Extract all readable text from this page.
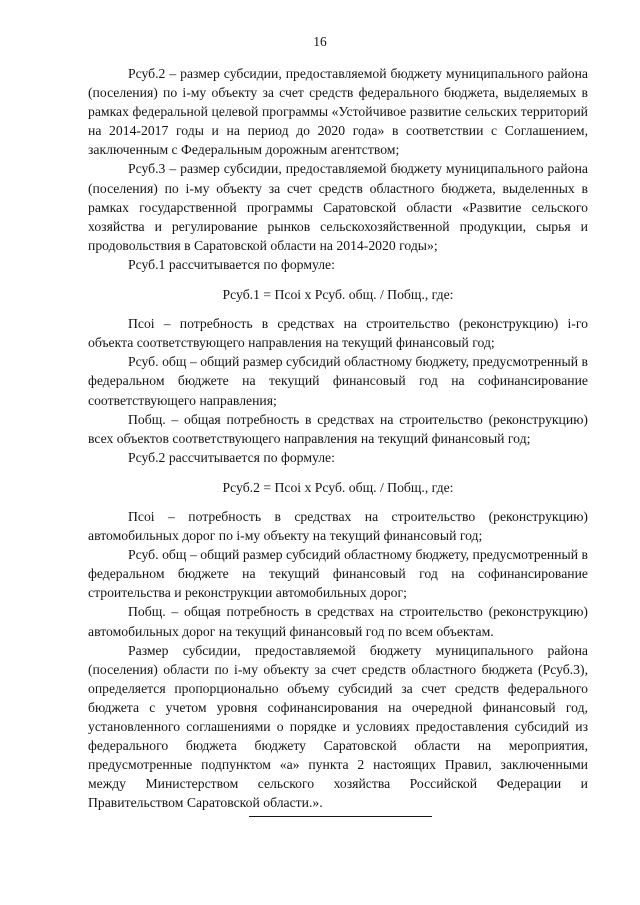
16

Pсуб.2 – размер субсидии, предоставляемой бюджету муниципального района (поселения) по i-му объекту за счет средств федерального бюджета, выделяемых в рамках федеральной целевой программы «Устойчивое развитие сельских территорий на 2014-2017 годы и на период до 2020 года» в соответствии с Соглашением, заключенным с Федеральным дорожным агентством;

Pсуб.3 – размер субсидии, предоставляемой бюджету муниципального района (поселения) по i-му объекту за счет средств областного бюджета, выделенных в рамках государственной программы Саратовской области «Развитие сельского хозяйства и регулирование рынков сельскохозяйственной продукции, сырья и продовольствия в Саратовской области на 2014-2020 годы»;

Pсуб.1 рассчитывается по формуле:

Pсуб.1 = Пcoi x Pсуб. общ. / Пoбщ., где:

Пcoi – потребность в средствах на строительство (реконструкцию) i-го объекта соответствующего направления на текущий финансовый год;

Pсуб. общ – общий размер субсидий областному бюджету, предусмотренный в федеральном бюджете на текущий финансовый год на софинансирование соответствующего направления;

Пoбщ. – общая потребность в средствах на строительство (реконструкцию) всех объектов соответствующего направления на текущий финансовый год;

Pсуб.2 рассчитывается по формуле:

Pсуб.2 = Пcoi x Pсуб. общ. / Пoбщ., где:

Пcoi – потребность в средствах на строительство (реконструкцию) автомобильных дорог по i-му объекту на текущий финансовый год;

Pсуб. общ – общий размер субсидий областному бюджету, предусмотренный в федеральном бюджете на текущий финансовый год на софинансирование строительства и реконструкции автомобильных дорог;

Пoбщ. – общая потребность в средствах на строительство (реконструкцию) автомобильных дорог на текущий финансовый год по всем объектам.

Размер субсидии, предоставляемой бюджету муниципального района (поселения) области по i-му объекту за счет средств областного бюджета (Pсуб.3), определяется пропорционально объему субсидий за счет средств федерального бюджета с учетом уровня софинансирования на очередной финансовый год, установленного соглашениями о порядке и условиях предоставления субсидий из федерального бюджета бюджету Саратовской области на мероприятия, предусмотренные подпунктом «а» пункта 2 настоящих Правил, заключенными между Министерством сельского хозяйства Российской Федерации и Правительством Саратовской области.».
